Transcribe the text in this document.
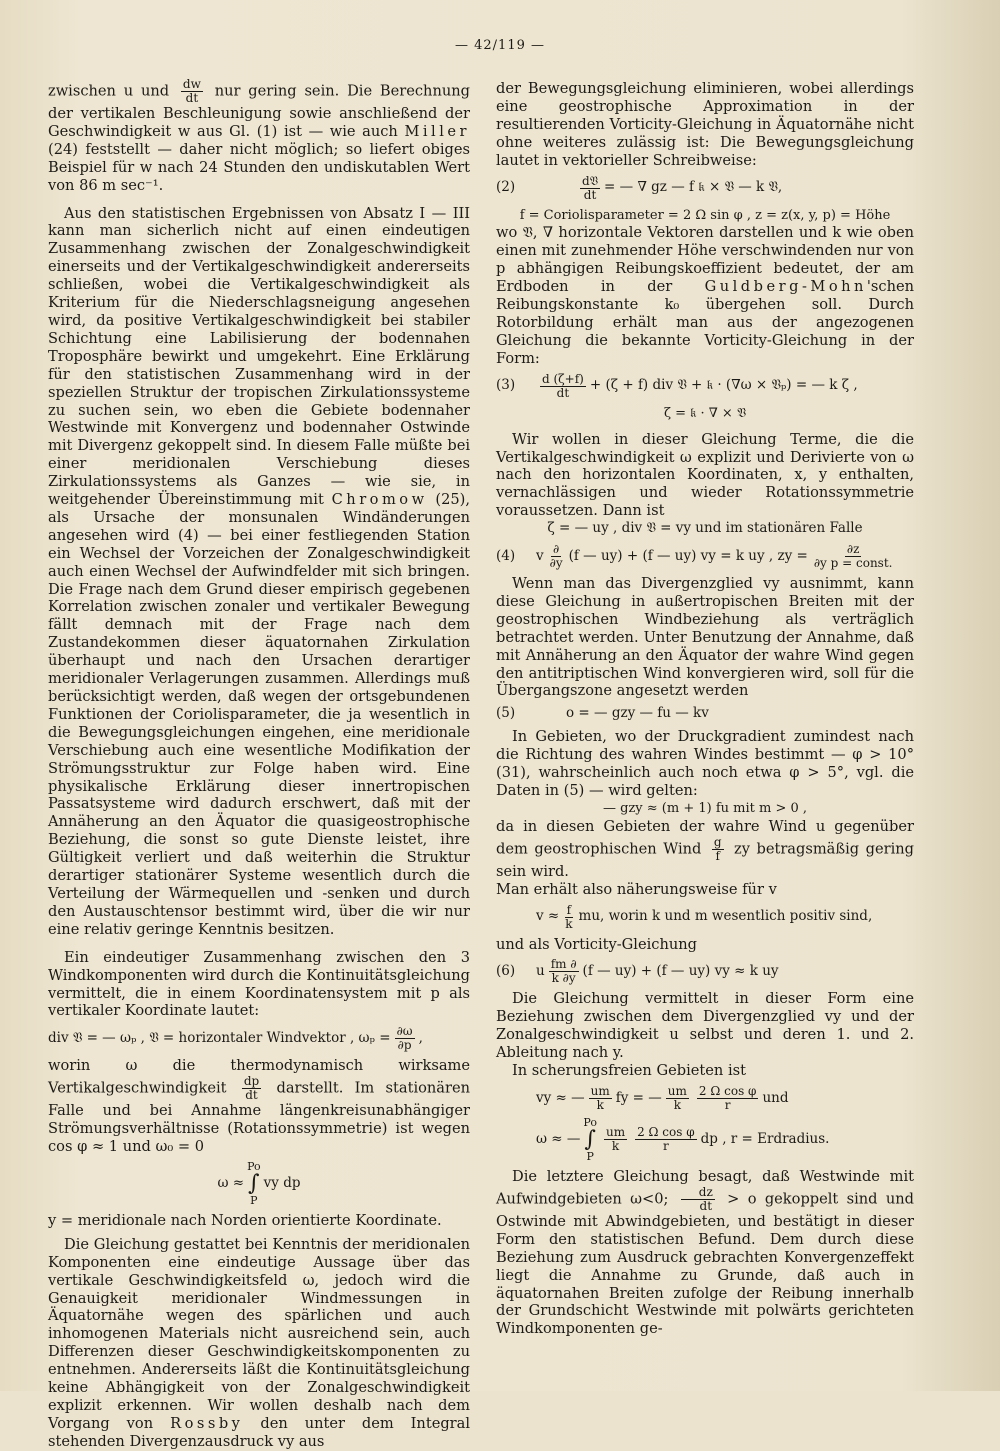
— 42/119 —

zwischen u und $\frac{dw}{dt}$ nur gering sein. Die Berechnung der vertikalen Beschleunigung sowie anschließend der Geschwindigkeit w aus Gl. (1) ist — wie auch Miller (24) feststellt — daher nicht möglich; so liefert obiges Beispiel für w nach 24 Stunden den undiskutablen Wert von 86 m sec⁻¹.

Aus den statistischen Ergebnissen von Absatz I — III kann man sicherlich nicht auf einen eindeutigen Zusammenhang zwischen der Zonalgeschwindigkeit einerseits und der Vertikalgeschwindigkeit andererseits schließen, wobei die Vertikalgeschwindigkeit als Kriterium für die Niederschlagsneigung angesehen wird, da positive Vertikalgeschwindigkeit bei stabiler Schichtung eine Labilisierung der bodennahen Troposphäre bewirkt und umgekehrt. Eine Erklärung für den statistischen Zusammenhang wird in der speziellen Struktur der tropischen Zirkulationssysteme zu suchen sein, wo eben die Gebiete bodennaher Westwinde mit Konvergenz und bodennaher Ostwinde mit Divergenz gekoppelt sind. In diesem Falle müßte bei einer meridionalen Verschiebung dieses Zirkulationssystems als Ganzes — wie sie, in weitgehender Übereinstimmung mit Chromow (25), als Ursache der monsunalen Windänderungen angesehen wird (4) — bei einer festliegenden Station ein Wechsel der Vorzeichen der Zonalgeschwindigkeit auch einen Wechsel der Aufwindfelder mit sich bringen. Die Frage nach dem Grund dieser empirisch gegebenen Korrelation zwischen zonaler und vertikaler Bewegung fällt demnach mit der Frage nach dem Zustandekommen dieser äquatornahen Zirkulation überhaupt und nach den Ursachen derartiger meridionaler Verlagerungen zusammen. Allerdings muß berücksichtigt werden, daß wegen der ortsgebundenen Funktionen der Coriolisparameter, die ja wesentlich in die Bewegungsgleichungen eingehen, eine meridionale Verschiebung auch eine wesentliche Modifikation der Strömungsstruktur zur Folge haben wird. Eine physikalische Erklärung dieser innertropischen Passatsysteme wird dadurch erschwert, daß mit der Annäherung an den Äquator die quasigeostrophische Beziehung, die sonst so gute Dienste leistet, ihre Gültigkeit verliert und daß weiterhin die Struktur derartiger stationärer Systeme wesentlich durch die Verteilung der Wärmequellen und -senken und durch den Austauschtensor bestimmt wird, über die wir nur eine relativ geringe Kenntnis besitzen.

Ein eindeutiger Zusammenhang zwischen den 3 Windkomponenten wird durch die Kontinuitätsgleichung vermittelt, die in einem Koordinatensystem mit p als vertikaler Koordinate lautet:

div 𝔙 = — ωₚ , 𝔙 = horizontaler Windvektor , $\omega_p = \frac{\partial\omega}{\partial p}$ ,

worin ω die thermodynamisch wirksame Vertikalgeschwindigkeit $\frac{dp}{dt}$ darstellt. Im stationären Falle und bei Annahme längenkreisunabhängiger Strömungsverhältnisse (Rotationssymmetrie) ist wegen cos φ ≈ 1 und ω₀ = 0

ω ≈
Po
∫
P
vy dp

y = meridionale nach Norden orientierte Koordinate.

Die Gleichung gestattet bei Kenntnis der meridionalen Komponenten eine eindeutige Aussage über das vertikale Geschwindigkeitsfeld ω, jedoch wird die Genauigkeit meridionaler Windmessungen in Äquatornähe wegen des spärlichen und auch inhomogenen Materials nicht ausreichend sein, auch Differenzen dieser Geschwindigkeitskomponenten zu entnehmen. Andererseits läßt die Kontinuitätsgleichung keine Abhängigkeit von der Zonalgeschwindigkeit explizit erkennen. Wir wollen deshalb nach dem Vorgang von Rossby den unter dem Integral stehenden Divergenzausdruck vy aus

der Bewegungsgleichung eliminieren, wobei allerdings eine geostrophische Approximation in der resultierenden Vorticity-Gleichung in Äquatornähe nicht ohne weiteres zulässig ist: Die Bewegungsgleichung lautet in vektorieller Schreibweise:

(2)	$\frac{\text{d𝔙}}{dt}$ = — ∇ gz — f 𝔨 × 𝔙 — k 𝔙,

f = Coriolisparameter = 2 Ω sin φ , z = z(x, y, p) = Höhe

wo 𝔙, ∇ horizontale Vektoren darstellen und k wie oben einen mit zunehmender Höhe verschwindenden nur von p abhängigen Reibungskoeffizient bedeutet, der am Erdboden in der Guldberg-Mohn'schen Reibungskonstante k₀ übergehen soll. Durch Rotorbildung erhält man aus der angezogenen Gleichung die bekannte Vorticity-Gleichung in der Form:

(3)	$\frac{d (\zeta+f)}{dt} + (\zeta + f)$ div 𝔙 + 𝔨 · (∇ω × 𝔙ₚ) = — k ζ ,

ζ = 𝔨 · ∇ × 𝔙

Wir wollen in dieser Gleichung Terme, die die Vertikalgeschwindigkeit ω explizit und Derivierte von ω nach den horizontalen Koordinaten, x, y enthalten, vernachlässigen und wieder Rotationssymmetrie voraussetzen. Dann ist

ζ = — uy , div 𝔙 = vy und im stationären Falle

(4)	v $\frac{\partial}{\partial y} (f$ — uy) + (f — uy) vy = k uy , zy = $\frac{\partial z}{\text{∂y p = const.}}$

Wenn man das Divergenzglied vy ausnimmt, kann diese Gleichung in außertropischen Breiten mit der geostrophischen Windbeziehung als verträglich betrachtet werden. Unter Benutzung der Annahme, daß mit Annäherung an den Äquator der wahre Wind gegen den antitriptischen Wind konvergieren wird, soll für die Übergangszone angesetzt werden

(5)	o = — gzy — fu — kv

In Gebieten, wo der Druckgradient zumindest nach die Richtung des wahren Windes bestimmt — φ > 10° (31), wahrscheinlich auch noch etwa φ > 5°, vgl. die Daten in (5) — wird gelten:

— gzy ≈ (m + 1) fu mit m > 0 ,

da in diesen Gebieten der wahre Wind u gegenüber dem geostrophischen Wind $\frac{g}{f}$ zy betragsmäßig gering sein wird.

Man erhält also näherungsweise für v

$v \approx \frac{f}{k}$ mu, worin k und m wesentlich positiv sind,

und als Vorticity-Gleichung

(6)	u $\frac{fm \partial}{k \partial y} (f$ — uy) + (f — uy) vy ≈ k uy

Die Gleichung vermittelt in dieser Form eine Beziehung zwischen dem Divergenzglied vy und der Zonalgeschwindigkeit u selbst und deren 1. und 2. Ableitung nach y.

In scherungsfreien Gebieten ist

vy ≈ — $\frac{um}{k}$ fy = — $\frac{um}{k} \frac{\text{2 Ω cos φ}}{r}$ und
ω ≈ —
Po
∫
P
$\frac{um}{k} \frac{\text{2 Ω cos φ}}{r}$ dp , r = Erdradius.

Die letztere Gleichung besagt, daß Westwinde mit Aufwindgebieten ω<0; $\frac{dz}{dt} > o$ gekoppelt sind und Ostwinde mit Abwindgebieten, und bestätigt in dieser Form den statistischen Befund. Dem durch diese Beziehung zum Ausdruck gebrachten Konvergenzeffekt liegt die Annahme zu Grunde, daß auch in äquatornahen Breiten zufolge der Reibung innerhalb der Grundschicht Westwinde mit polwärts gerichteten Windkomponenten ge-
